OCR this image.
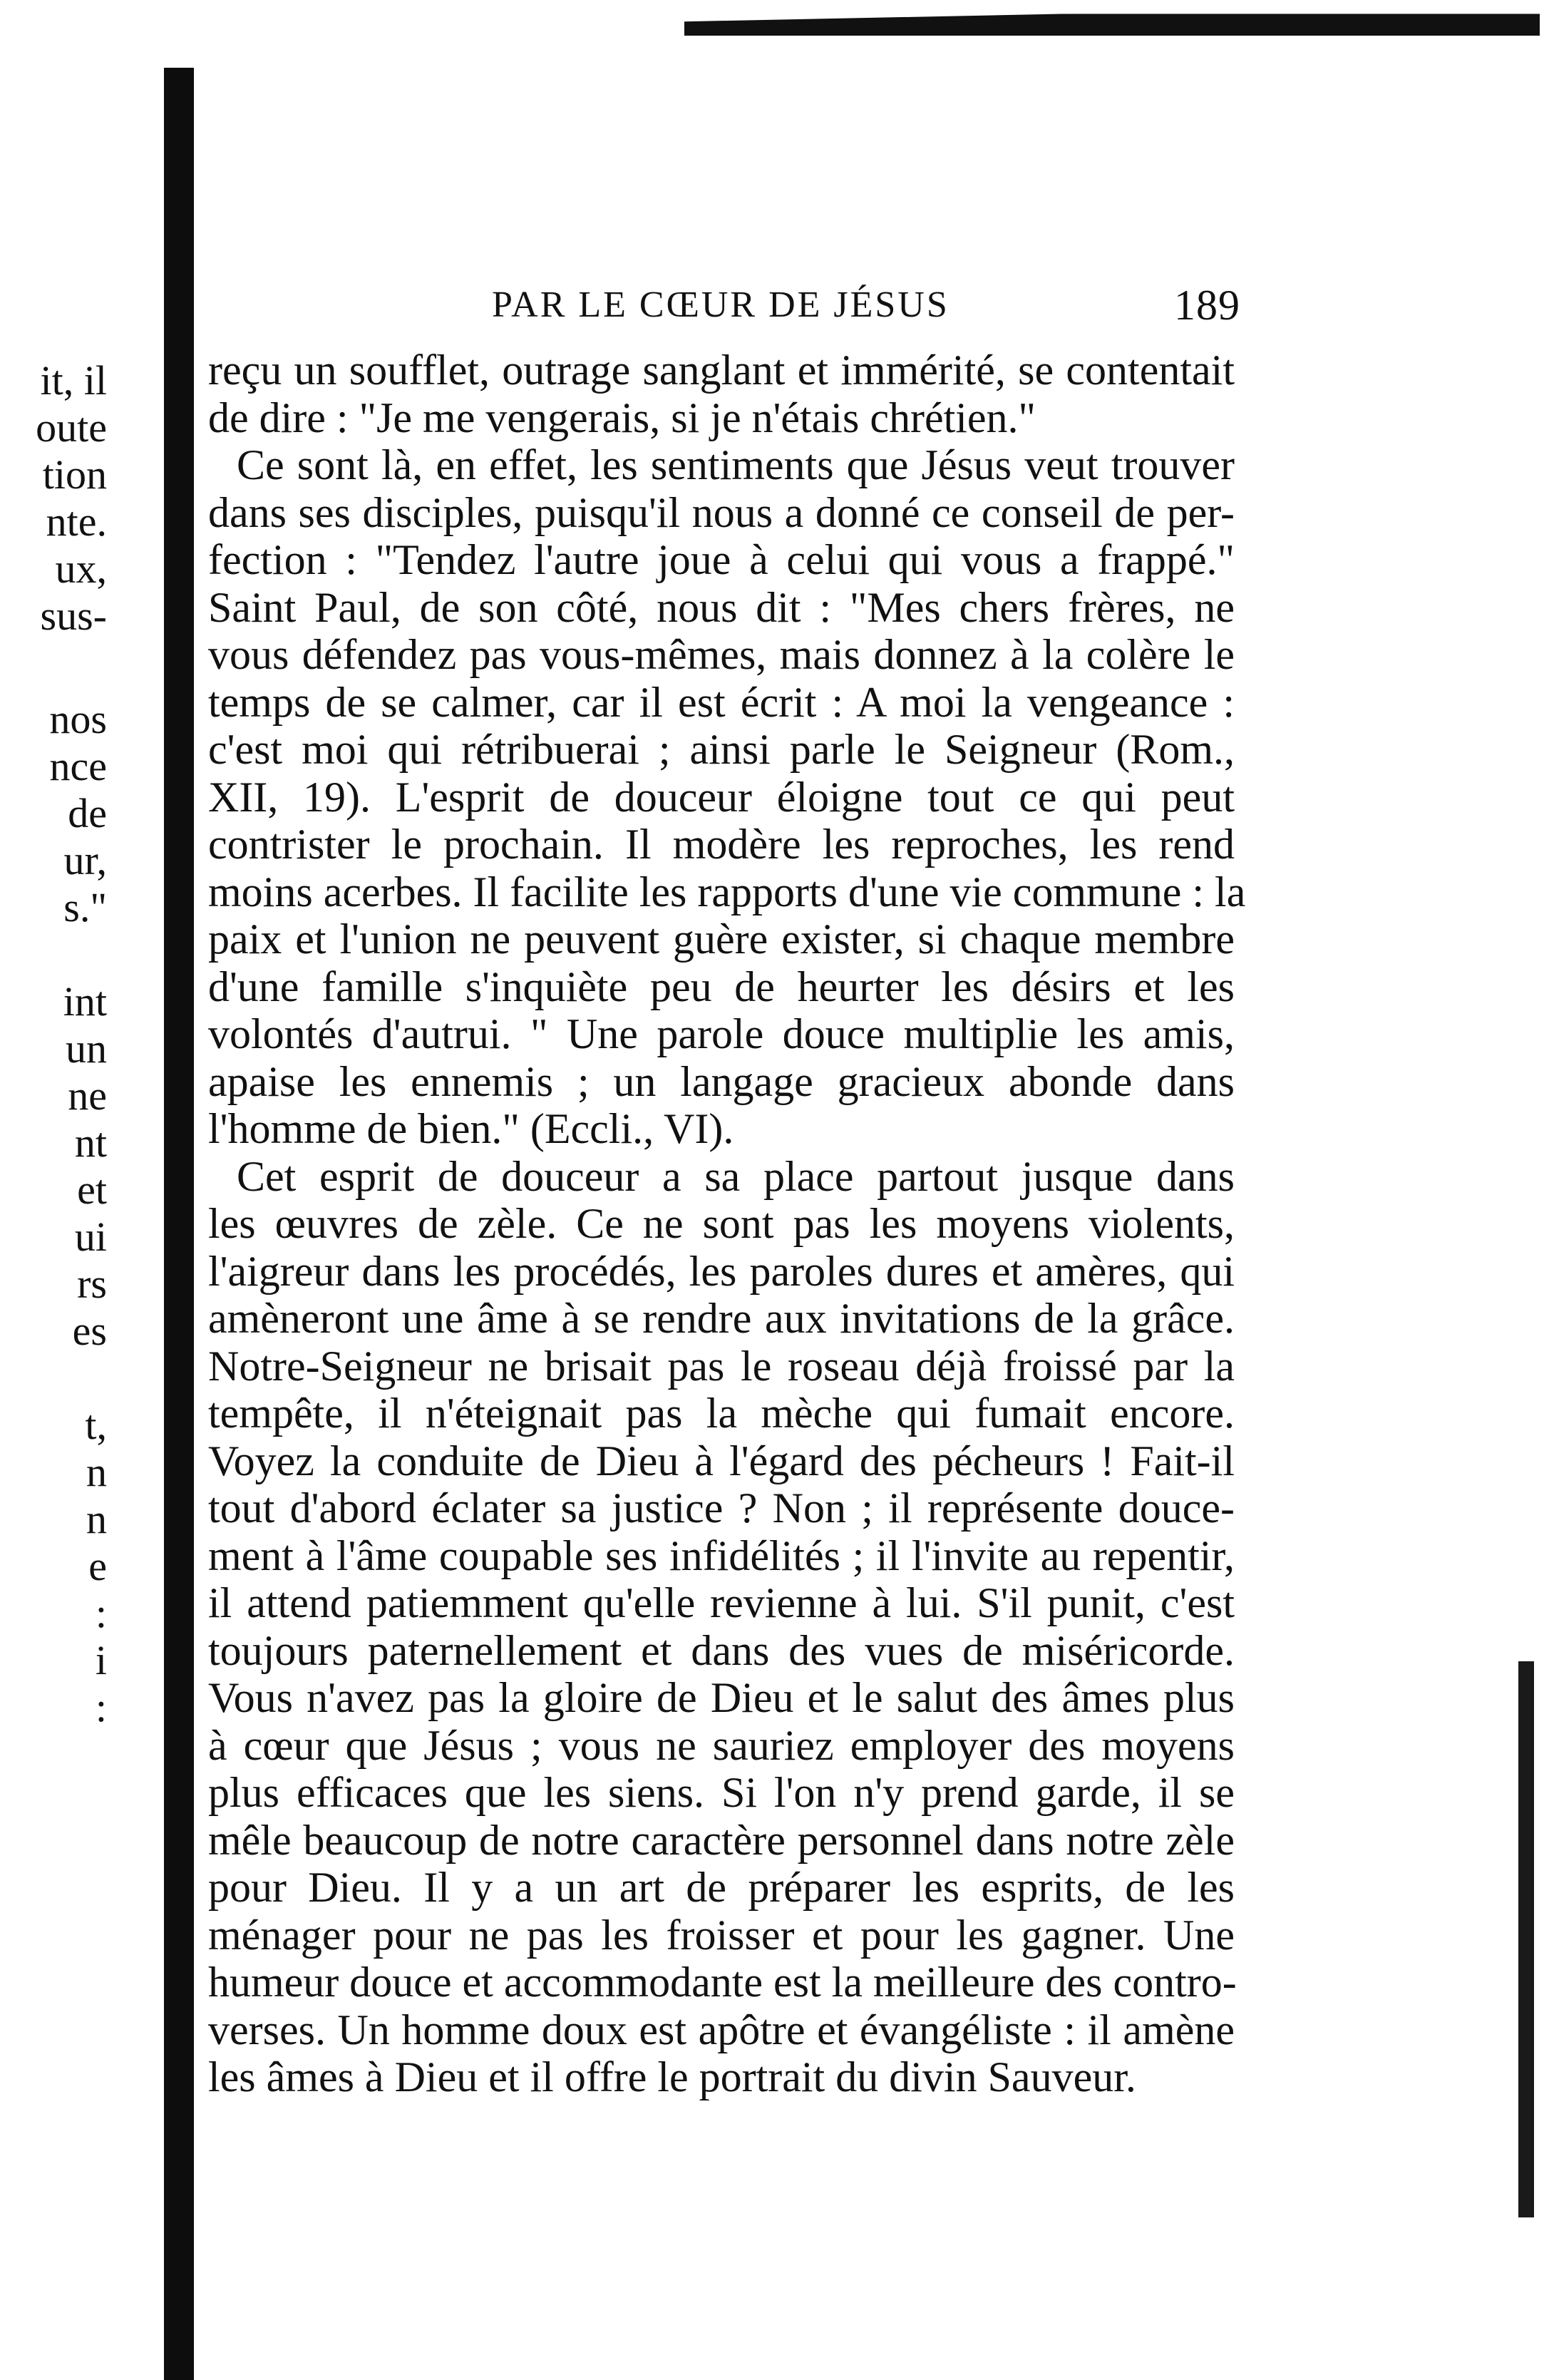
it, il
oute
tion
nte.
ux,
sus-
nos
nce
de
ur,
s."
int
un
ne
nt
et
ui
rs
es
t,
n
n
e
:
i
:
PAR LE CŒUR DE JÉSUS	189
reçu un soufflet, outrage sanglant et immérité, se contentait
de dire : "Je me vengerais, si je n'étais chrétien."
Ce sont là, en effet, les sentiments que Jésus veut trouver
dans ses disciples, puisqu'il nous a donné ce conseil de per-
fection : "Tendez l'autre joue à celui qui vous a frappé."
Saint Paul, de son côté, nous dit : "Mes chers frères, ne
vous défendez pas vous-mêmes, mais donnez à la colère le
temps de se calmer, car il est écrit : A moi la vengeance :
c'est moi qui rétribuerai ; ainsi parle le Seigneur (Rom.,
XII, 19). L'esprit de douceur éloigne tout ce qui peut
contrister le prochain. Il modère les reproches, les rend
moins acerbes. Il facilite les rapports d'une vie commune : la
paix et l'union ne peuvent guère exister, si chaque membre
d'une famille s'inquiète peu de heurter les désirs et les
volontés d'autrui. " Une parole douce multiplie les amis,
apaise les ennemis ; un langage gracieux abonde dans
l'homme de bien." (Eccli., VI).
Cet esprit de douceur a sa place partout jusque dans
les œuvres de zèle. Ce ne sont pas les moyens violents,
l'aigreur dans les procédés, les paroles dures et amères, qui
amèneront une âme à se rendre aux invitations de la grâce.
Notre-Seigneur ne brisait pas le roseau déjà froissé par la
tempête, il n'éteignait pas la mèche qui fumait encore.
Voyez la conduite de Dieu à l'égard des pécheurs ! Fait-il
tout d'abord éclater sa justice ? Non ; il représente douce-
ment à l'âme coupable ses infidélités ; il l'invite au repentir,
il attend patiemment qu'elle revienne à lui. S'il punit, c'est
toujours paternellement et dans des vues de miséricorde.
Vous n'avez pas la gloire de Dieu et le salut des âmes plus
à cœur que Jésus ; vous ne sauriez employer des moyens
plus efficaces que les siens. Si l'on n'y prend garde, il se
mêle beaucoup de notre caractère personnel dans notre zèle
pour Dieu. Il y a un art de préparer les esprits, de les
ménager pour ne pas les froisser et pour les gagner. Une
humeur douce et accommodante est la meilleure des contro-
verses. Un homme doux est apôtre et évangéliste : il amène
les âmes à Dieu et il offre le portrait du divin Sauveur.
